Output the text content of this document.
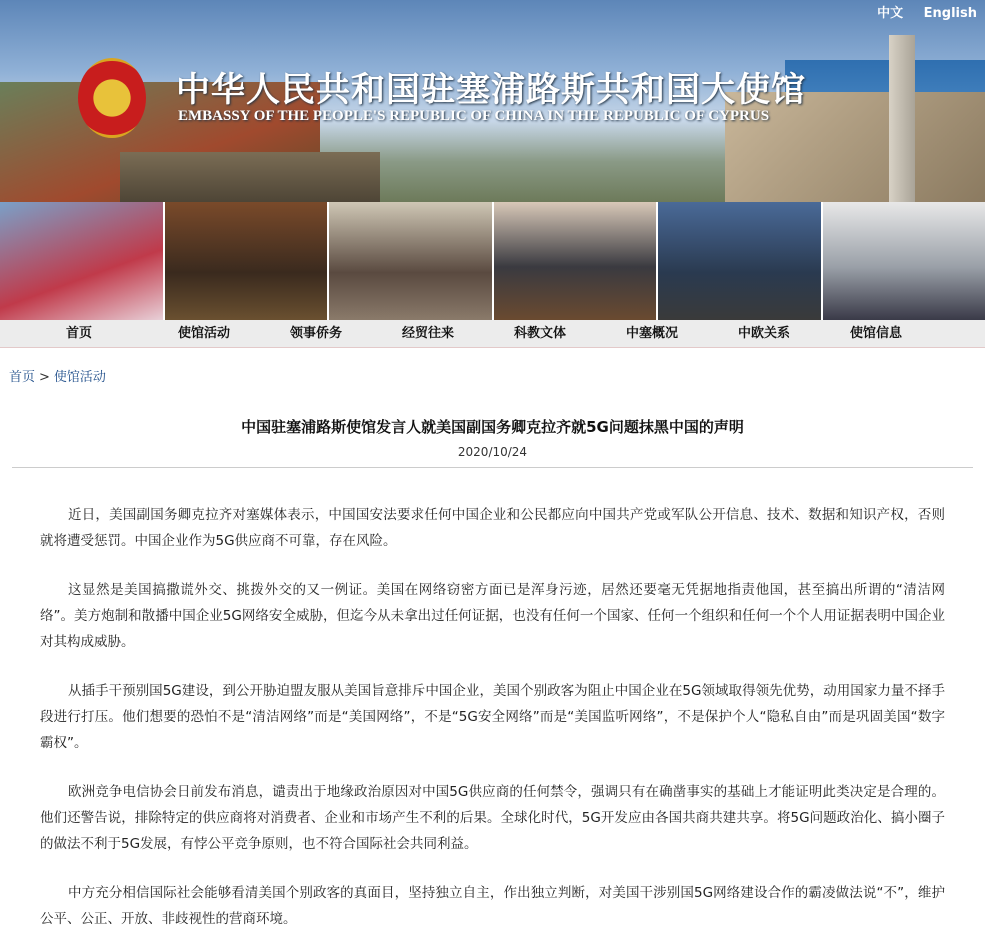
中华人民共和国驻塞浦路斯共和国大使馆
EMBASSY OF THE PEOPLE'S REPUBLIC OF CHINA IN THE REPUBLIC OF CYPRUS
中文 English
首页	使馆活动	领事侨务	经贸往来	科教文体	中塞概况	中欧关系	使馆信息
首页 > 使馆活动
中国驻塞浦路斯使馆发言人就美国副国务卿克拉齐就5G问题抹黑中国的声明
2020/10/24

近日，美国副国务卿克拉齐对塞媒体表示，中国国安法要求任何中国企业和公民都应向中国共产党或军队公开信息、技术、数据和知识产权，否则就将遭受惩罚。中国企业作为5G供应商不可靠，存在风险。

这显然是美国搞撒谎外交、挑拨外交的又一例证。美国在网络窃密方面已是浑身污迹，居然还要毫无凭据地指责他国，甚至搞出所谓的“清洁网络”。美方炮制和散播中国企业5G网络安全威胁，但迄今从未拿出过任何证据，也没有任何一个国家、任何一个组织和任何一个个人用证据表明中国企业对其构成威胁。

从插手干预别国5G建设，到公开胁迫盟友服从美国旨意排斥中国企业，美国个别政客为阻止中国企业在5G领域取得领先优势，动用国家力量不择手段进行打压。他们想要的恐怕不是“清洁网络”而是“美国网络”，不是“5G安全网络”而是“美国监听网络”，不是保护个人“隐私自由”而是巩固美国“数字霸权”。

欧洲竞争电信协会日前发布消息，谴责出于地缘政治原因对中国5G供应商的任何禁令，强调只有在确凿事实的基础上才能证明此类决定是合理的。他们还警告说，排除特定的供应商将对消费者、企业和市场产生不利的后果。全球化时代，5G开发应由各国共商共建共享。将5G问题政治化、搞小圈子的做法不利于5G发展，有悖公平竞争原则，也不符合国际社会共同利益。

中方充分相信国际社会能够看清美国个别政客的真面目，坚持独立自主，作出独立判断，对美国干涉别国5G网络建设合作的霸凌做法说“不”，维护公平、公正、开放、非歧视性的营商环境。
